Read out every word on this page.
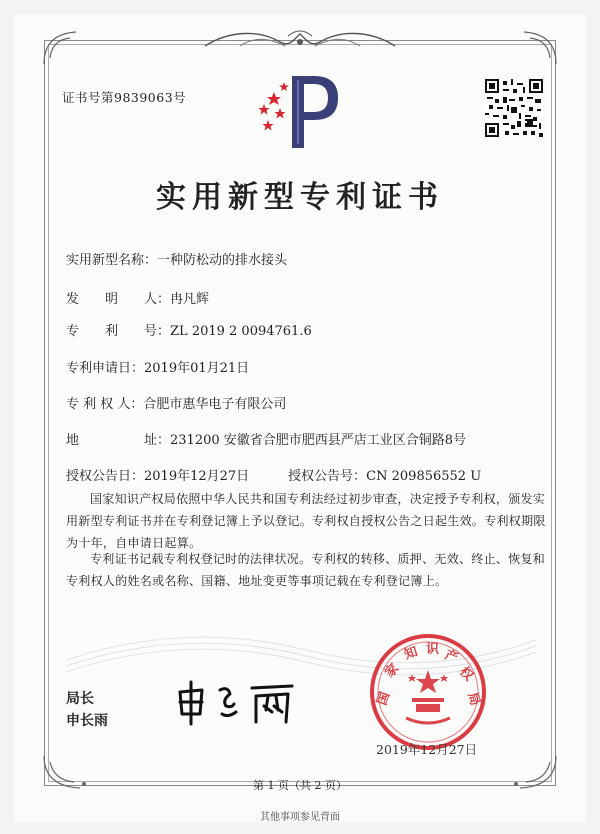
证书号第9839063号
实用新型专利证书
实用新型名称：一种防松动的排水接头
发　　明　　人：冉凡辉
专　　利　　号：ZL 2019 2 0094761.6
专利申请日：2019年01月21日
专 利 权 人：合肥市惠华电子有限公司
地　　　　　址：231200 安徽省合肥市肥西县严店工业区合铜路8号
授权公告日：2019年12月27日	授权公告号：CN 209856552 U
国家知识产权局依照中华人民共和国专利法经过初步审查，决定授予专利权，颁发实用新型专利证书并在专利登记簿上予以登记。专利权自授权公告之日起生效。专利权期限为十年，自申请日起算。
专利证书记载专利权登记时的法律状况。专利权的转移、质押、无效、终止、恢复和专利权人的姓名或名称、国籍、地址变更等事项记载在专利登记簿上。
局长
申长雨
国
家
知 识 产
权
局
2019年12月27日
第 1 页（共 2 页）
其他事项参见背面
